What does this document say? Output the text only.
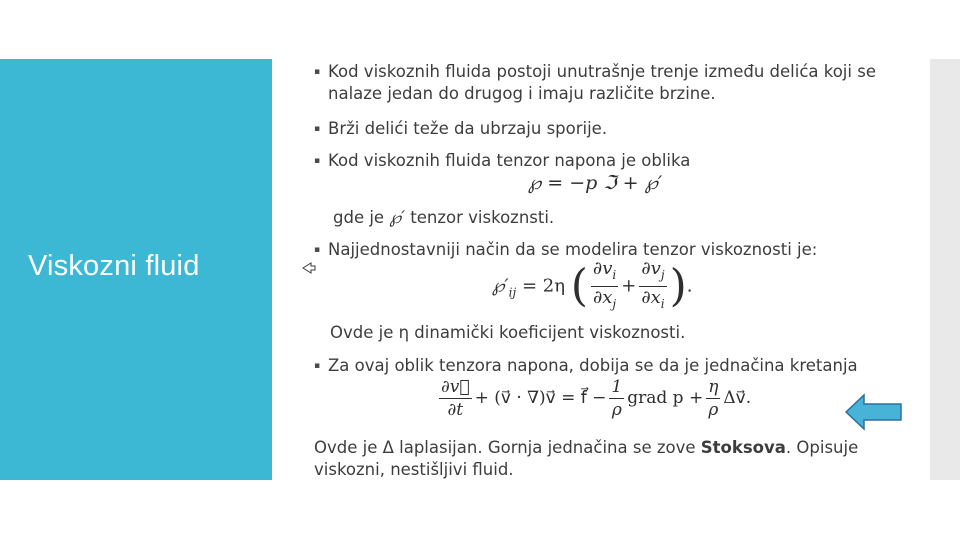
Viskozni fluid
▪ Kod viskoznih fluida postoji unutrašnje trenje između delića koji se
nalaze jedan do drugog i imaju različite brzine.
▪ Brži delići teže da ubrzaju sporije.
▪ Kod viskoznih fluida tenzor napona je oblika
℘ = −p ℑ + ℘′
gde je ℘′ tenzor viskoznsti.
▪ Najjednostavniji način da se modelira tenzor viskoznosti je:
$℘'_{ij} = 2\eta$ ( $\frac{\partial v_i}{\partial x_j} + \frac{\partial v_j}{\partial x_i}$ ).
Ovde je η dinamički koeficijent viskoznosti.
▪ Za ovaj oblik tenzora napona, dobija se da je jednačina kretanja
$\frac{\partial v⃗}{\partial t}$ + (v⃗ · ∇)v⃗ = f⃗ − $\frac{1}{\rho}$ grad $p + \frac{\eta}{\rho}$ Δv⃗.
Ovde je Δ laplasijan. Gornja jednačina se zove Stoksova. Opisuje
viskozni, nestišljivi fluid.
